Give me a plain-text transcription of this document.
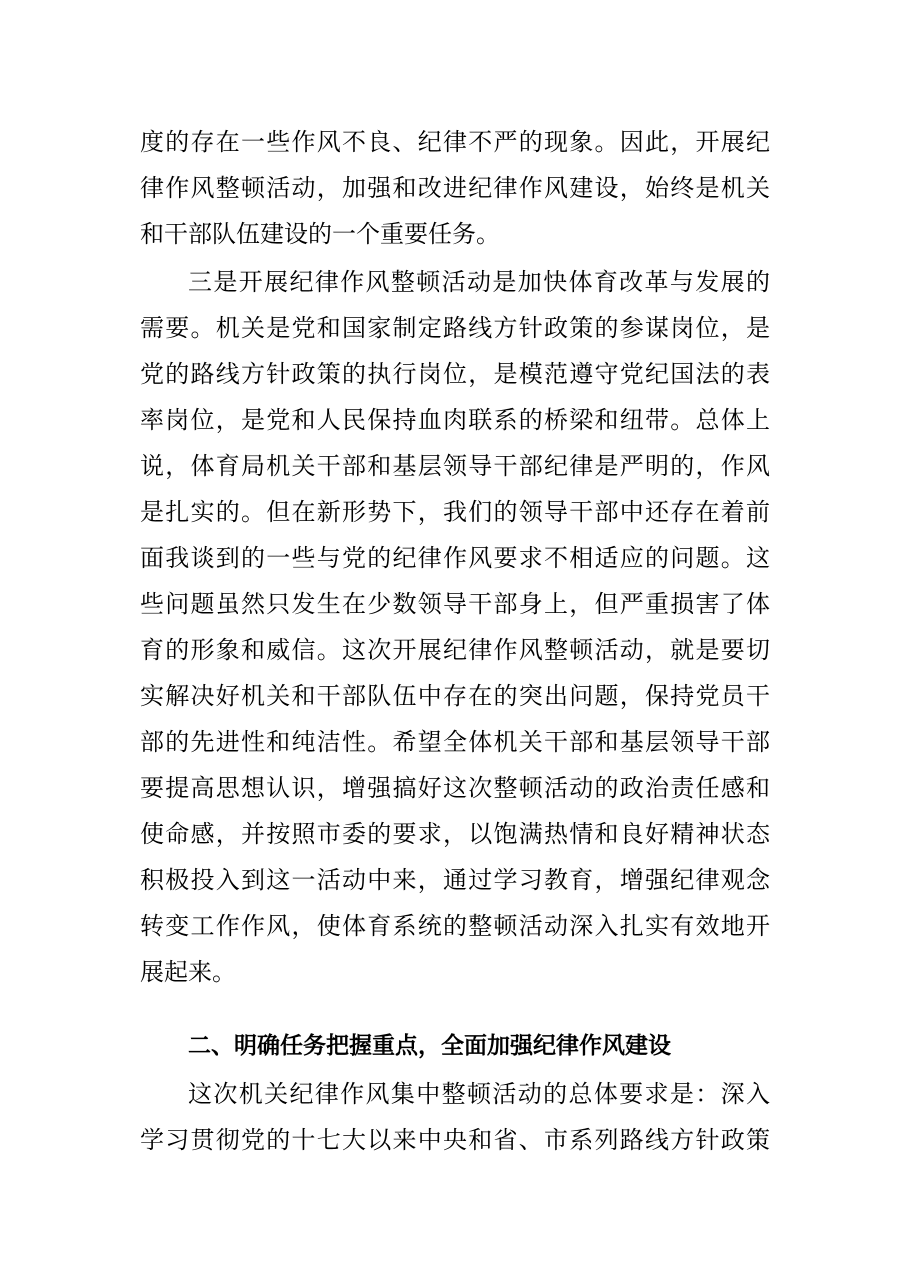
度的存在一些作风不良、纪律不严的现象。因此，开展纪
律作风整顿活动，加强和改进纪律作风建设，始终是机关
和干部队伍建设的一个重要任务。
三是开展纪律作风整顿活动是加快体育改革与发展的
需要。机关是党和国家制定路线方针政策的参谋岗位，是
党的路线方针政策的执行岗位，是模范遵守党纪国法的表
率岗位，是党和人民保持血肉联系的桥梁和纽带。总体上
说，体育局机关干部和基层领导干部纪律是严明的，作风
是扎实的。但在新形势下，我们的领导干部中还存在着前
面我谈到的一些与党的纪律作风要求不相适应的问题。这
些问题虽然只发生在少数领导干部身上，但严重损害了体
育的形象和威信。这次开展纪律作风整顿活动，就是要切
实解决好机关和干部队伍中存在的突出问题，保持党员干
部的先进性和纯洁性。希望全体机关干部和基层领导干部
要提高思想认识，增强搞好这次整顿活动的政治责任感和
使命感，并按照市委的要求，以饱满热情和良好精神状态
积极投入到这一活动中来，通过学习教育，增强纪律观念
转变工作作风，使体育系统的整顿活动深入扎实有效地开
展起来。
二、明确任务把握重点，全面加强纪律作风建设
这次机关纪律作风集中整顿活动的总体要求是：深入
学习贯彻党的十七大以来中央和省、市系列路线方针政策
